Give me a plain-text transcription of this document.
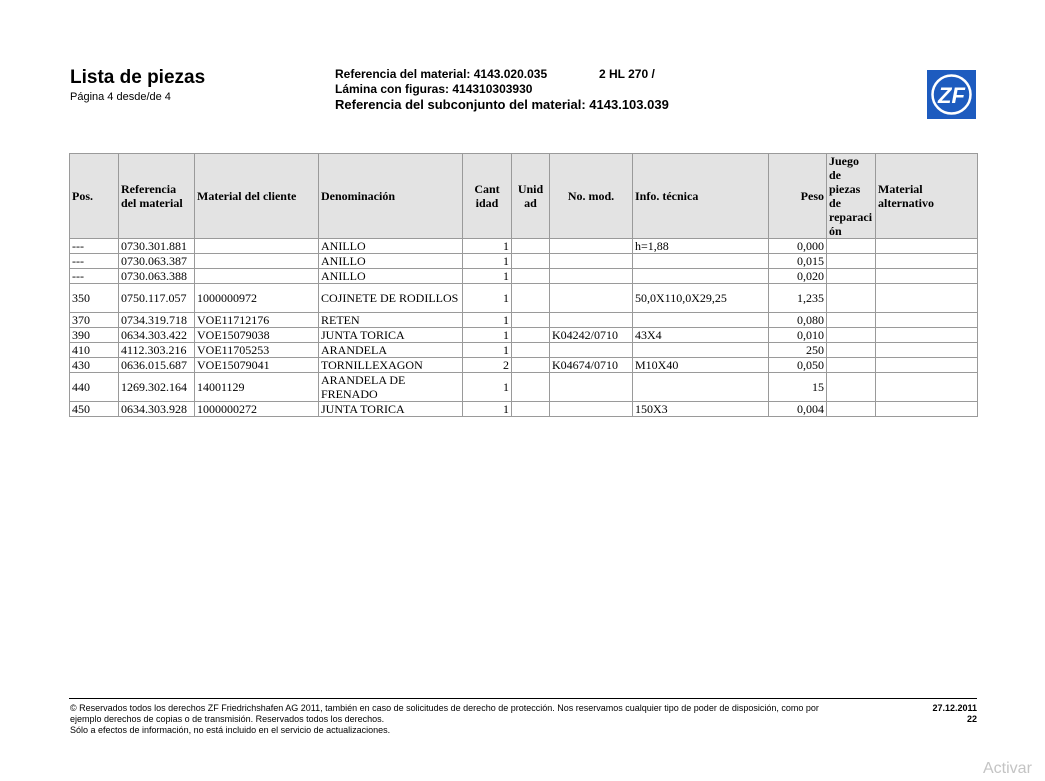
Lista de piezas
Página 4 desde/de 4
Referencia del material: 4143.020.035	2 HL 270 /
Lámina con figuras: 414310303930
Referencia del subconjunto del material: 4143.103.039	ZF
Pos.	Referencia del material	Material del cliente	Denominación	Cant idad	Unid ad	No. mod.	Info. técnica	Peso	Juego de piezas de reparaci ón	Material alternativo
---	0730.301.881		ANILLO	1			h=1,88	0,000		
---	0730.063.387		ANILLO	1				0,015		
---	0730.063.388		ANILLO	1				0,020		
350	0750.117.057	1000000972	COJINETE DE RODILLOS	1			50,0X110,0X29,25	1,235		
370	0734.319.718	VOE11712176	RETEN	1				0,080		
390	0634.303.422	VOE15079038	JUNTA TORICA	1		K04242/0710	43X4	0,010		
410	4112.303.216	VOE11705253	ARANDELA	1				250		
430	0636.015.687	VOE15079041	TORNILLEXAGON	2		K04674/0710	M10X40	0,050		
440	1269.302.164	14001129	ARANDELA DE FRENADO	1				15		
450	0634.303.928	1000000272	JUNTA TORICA	1			150X3	0,004		
© Reservados todos los derechos ZF Friedrichshafen AG 2011, también en caso de solicitudes de derecho de protección. Nos reservamos cualquier tipo de poder de disposición, como por
ejemplo derechos de copias o de transmisión. Reservados todos los derechos.
Sólo a efectos de información, no está incluido en el servicio de actualizaciones.
27.12.2011
22
Activar
